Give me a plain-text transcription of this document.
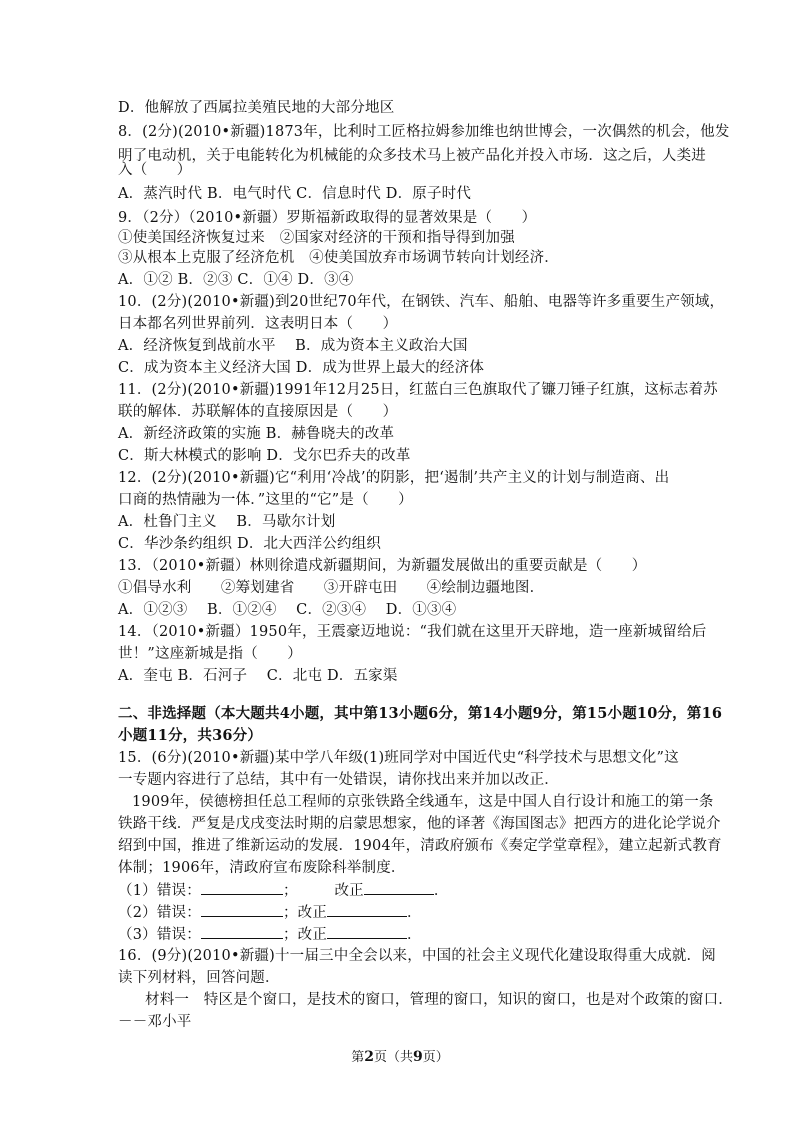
D．他解放了西属拉美殖民地的大部分地区
8．(2分)(2010•新疆)1873年，比利时工匠格拉姆参加维也纳世博会，一次偶然的机会，他发
明了电动机，关于电能转化为机械能的众多技术马上被产品化并投入市场．这之后，人类进
入（　　）
A．蒸汽时代 B．电气时代 C．信息时代 D．原子时代
9．（2分）（2010•新疆）罗斯福新政取得的显著效果是（　　）
①使美国经济恢复过来　②国家对经济的干预和指导得到加强
③从根本上克服了经济危机　④使美国放弃市场调节转向计划经济．
A．①② B．②③ C．①④ D．③④
10．(2分)(2010•新疆)到20世纪70年代，在钢铁、汽车、船舶、电器等许多重要生产领域，
日本都名列世界前列．这表明日本（　　）
A．经济恢复到战前水平　 B．成为资本主义政治大国
C．成为资本主义经济大国 D．成为世界上最大的经济体
11．(2分)(2010•新疆)1991年12月25日，红蓝白三色旗取代了镰刀锤子红旗，这标志着苏
联的解体．苏联解体的直接原因是（　　）
A．新经济政策的实施 B．赫鲁晓夫的改革
C．斯大林模式的影响 D．戈尔巴乔夫的改革
12．(2分)(2010•新疆)它“利用‘冷战’的阴影，把‘遏制’共产主义的计划与制造商、出
口商的热情融为一体．”这里的“它”是（　　）
A．杜鲁门主义　 B．马歇尔计划
C．华沙条约组织 D．北大西洋公约组织
13．（2010•新疆）林则徐遣戍新疆期间，为新疆发展做出的重要贡献是（　　）
①倡导水利　　②筹划建省　　③开辟屯田　　④绘制边疆地图．
A．①②③　 B．①②④　 C．②③④　 D．①③④
14．（2010•新疆）1950年，王震豪迈地说：“我们就在这里开天辟地，造一座新城留给后
世！”这座新城是指（　　）
A．奎屯 B．石河子　 C．北屯 D．五家渠
二、非选择题（本大题共4小题，其中第13小题6分，第14小题9分，第15小题10分，第16
小题11分，共36分）
15．(6分)(2010•新疆)某中学八年级(1)班同学对中国近代史“科学技术与思想文化”这
一专题内容进行了总结，其中有一处错误，请你找出来并加以改正．
1909年，侯德榜担任总工程师的京张铁路全线通车，这是中国人自行设计和施工的第一条
铁路干线．严复是戊戌变法时期的启蒙思想家，他的译著《海国图志》把西方的进化论学说介
绍到中国，推进了维新运动的发展．1904年，清政府颁布《奏定学堂章程》，建立起新式教育
体制；1906年，清政府宣布废除科举制度．
（1）错误：	；　　　改正	．
（2）错误：	；改正	．
（3）错误：	；改正	．
16．(9分)(2010•新疆)十一届三中全会以来，中国的社会主义现代化建设取得重大成就．阅
读下列材料，回答问题．
材料一　特区是个窗口，是技术的窗口，管理的窗口，知识的窗口，也是对个政策的窗口．
－－邓小平
第2页（共9页）
